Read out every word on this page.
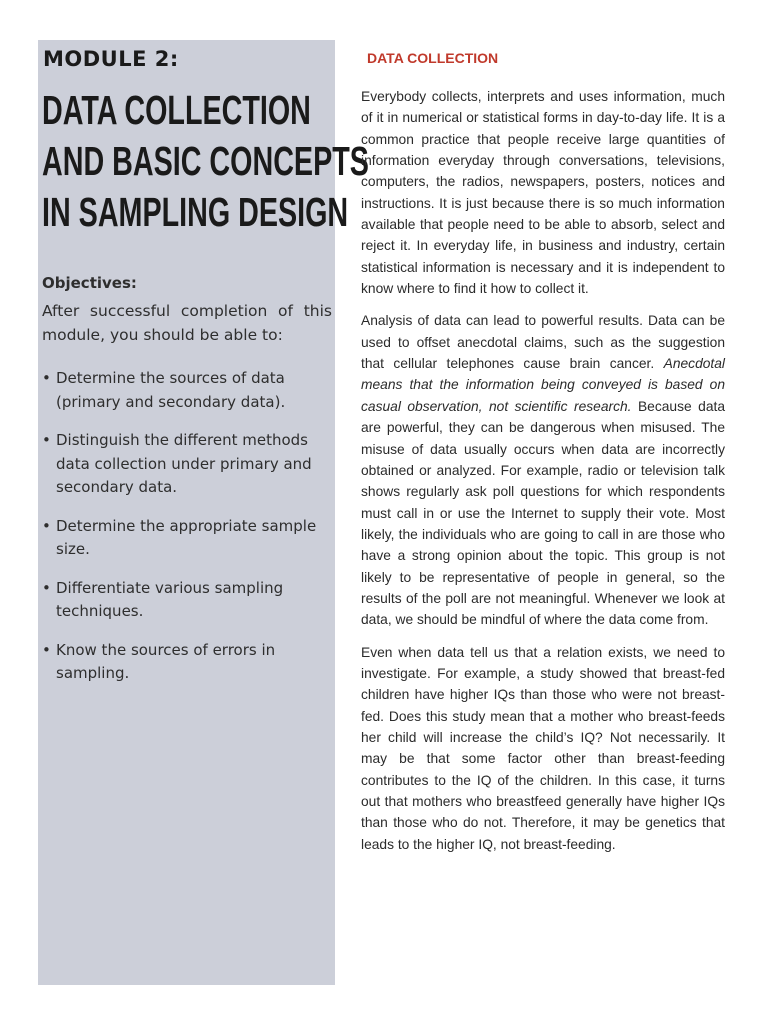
MODULE 2:
DATA COLLECTION
AND BASIC CONCEPTS
IN SAMPLING DESIGN
Objectives:
After successful completion of this module, you should be able to:
• Determine the sources of data (primary and secondary data).
• Distinguish the different methods data collection under primary and secondary data.
• Determine the appropriate sample size.
• Differentiate various sampling techniques.
• Know the sources of errors in sampling.
DATA COLLECTION

Everybody collects, interprets and uses information, much of it in numerical or statistical forms in day-to-day life. It is a common practice that people receive large quantities of information everyday through conversations, televisions, computers, the radios, newspapers, posters, notices and instructions. It is just because there is so much information available that people need to be able to absorb, select and reject it. In everyday life, in business and industry, certain statistical information is necessary and it is independent to know where to find it how to collect it.

Analysis of data can lead to powerful results. Data can be used to offset anecdotal claims, such as the suggestion that cellular telephones cause brain cancer. Anecdotal means that the information being conveyed is based on casual observation, not scientific research. Because data are powerful, they can be dangerous when misused. The misuse of data usually occurs when data are incorrectly obtained or analyzed. For example, radio or television talk shows regularly ask poll questions for which respondents must call in or use the Internet to supply their vote. Most likely, the individuals who are going to call in are those who have a strong opinion about the topic. This group is not likely to be representative of people in general, so the results of the poll are not meaningful. Whenever we look at data, we should be mindful of where the data come from.

Even when data tell us that a relation exists, we need to investigate. For example, a study showed that breast-fed children have higher IQs than those who were not breast-fed. Does this study mean that a mother who breast-feeds her child will increase the child’s IQ? Not necessarily. It may be that some factor other than breast-feeding contributes to the IQ of the children. In this case, it turns out that mothers who breastfeed generally have higher IQs than those who do not. Therefore, it may be genetics that leads to the higher IQ, not breast-feeding.
